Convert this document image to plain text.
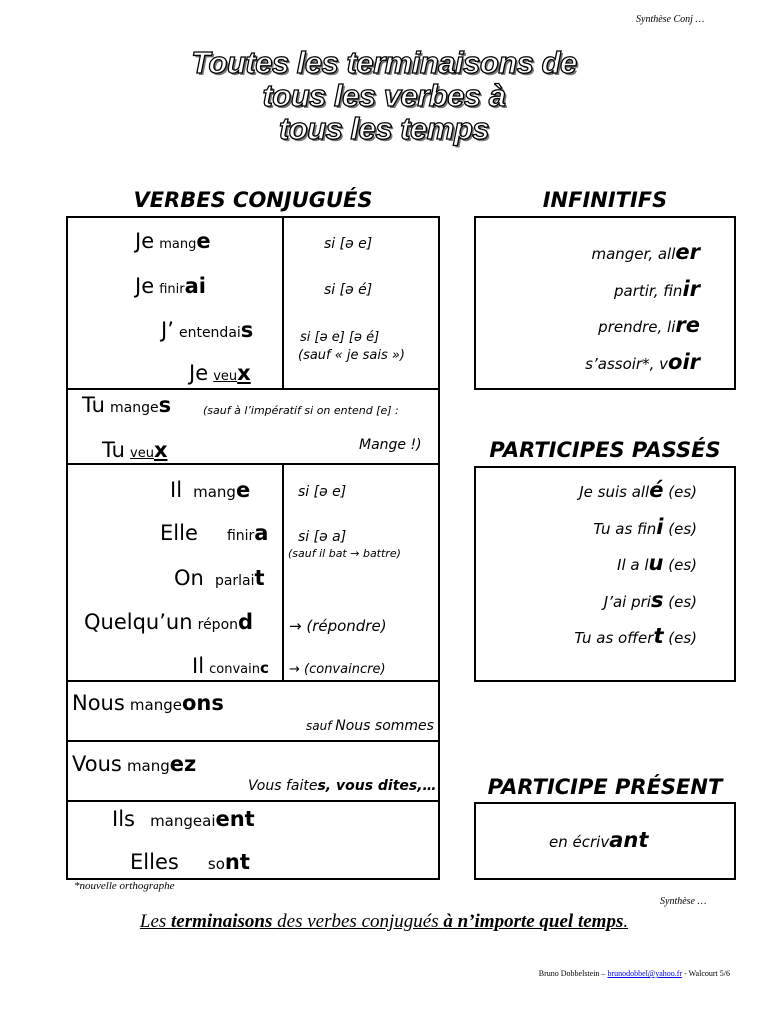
Synthèse Conj …
Toutes les terminaisons de
tous les verbes à
tous les temps
VERBES CONJUGUÉS	INFINITIFS
PARTICIPES PASSÉS
PARTICIPE PRÉSENT
Je mange	si [ə e]
Je finirai	si [ə é]
J’ entendais	si [ə e] [ə é]
(sauf « je sais »)
Je veux
Tu manges	(sauf à l’impératif si on entend [e] :
Mange !)
Tu veux
Il mange	si [ə e]
Elle finira si [ə a]
(sauf il bat → battre)
On parlait
Quelqu’un répond → (répondre)
Il convainc → (convaincre)
Nous mangeons
sauf Nous sommes
Vous mangez
Vous faites, vous dites,…
Ils mangeaient
Elles sont
*nouvelle orthographe
manger, aller
partir, finir
prendre, lire
s’assoir*, voir
Je suis allé (es)
Tu as fini (es)
Il a lu (es)
J’ai pris (es)
Tu as offert (es)
en écrivant
Synthèse …
Les terminaisons des verbes conjugués à n’importe quel temps.
Bruno Dobbelstein – brunodobbel@yahoo.fr - Walcourt 5/6
